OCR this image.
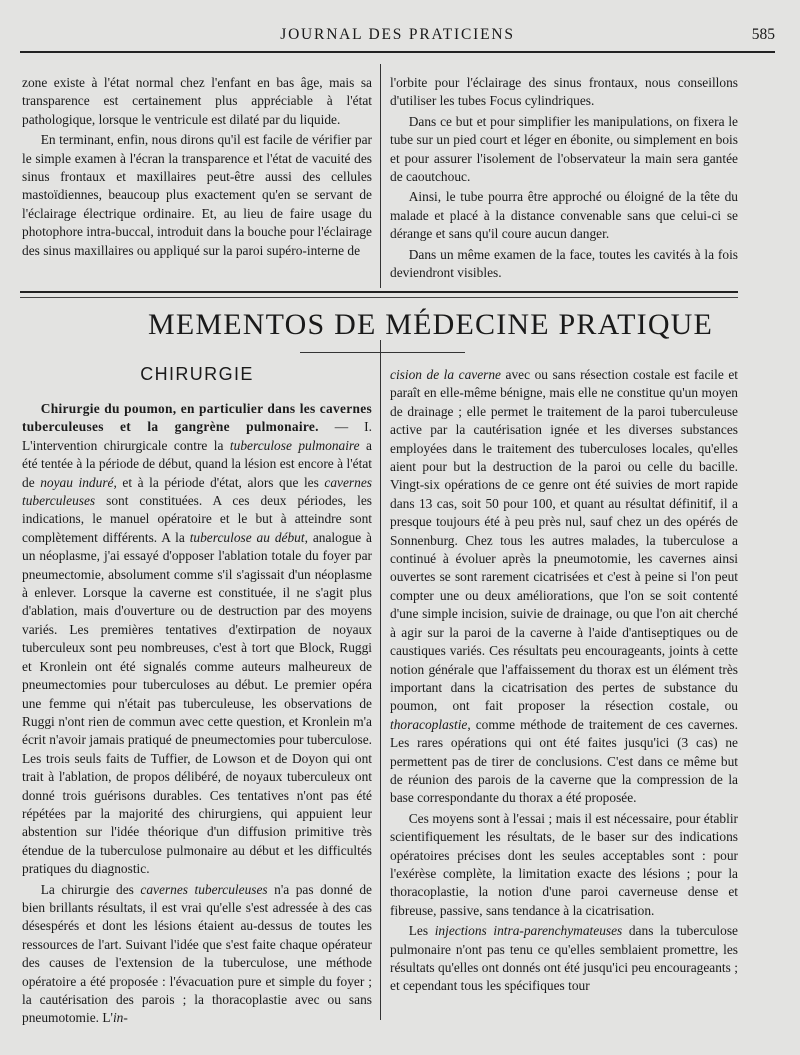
JOURNAL DES PRATICIENS	585

zone existe à l'état normal chez l'enfant en bas âge, mais sa transparence est certainement plus appréciable à l'état pathologique, lorsque le ventricule est dilaté par du liquide.

En terminant, enfin, nous dirons qu'il est facile de vérifier par le simple examen à l'écran la transparence et l'état de vacuité des sinus frontaux et maxillaires peut-être aussi des cellules mastoïdiennes, beaucoup plus exactement qu'en se servant de l'éclairage électrique ordinaire. Et, au lieu de faire usage du photophore intra-buccal, introduit dans la bouche pour l'éclairage des sinus maxillaires ou appliqué sur la paroi supéro-interne de

l'orbite pour l'éclairage des sinus frontaux, nous conseillons d'utiliser les tubes Focus cylindriques.

Dans ce but et pour simplifier les manipulations, on fixera le tube sur un pied court et léger en ébonite, ou simplement en bois et pour assurer l'isolement de l'observateur la main sera gantée de caoutchouc.

Ainsi, le tube pourra être approché ou éloigné de la tête du malade et placé à la distance convenable sans que celui-ci se dérange et sans qu'il coure aucun danger.

Dans un même examen de la face, toutes les cavités à la fois deviendront visibles.

MEMENTOS DE MÉDECINE PRATIQUE
CHIRURGIE

Chirurgie du poumon, en particulier dans les cavernes tuberculeuses et la gangrène pulmonaire. — I. L'intervention chirurgicale contre la tuberculose pulmonaire a été tentée à la période de début, quand la lésion est encore à l'état de noyau induré, et à la période d'état, alors que les cavernes tuberculeuses sont constituées. A ces deux périodes, les indications, le manuel opératoire et le but à atteindre sont complètement différents. A la tuberculose au début, analogue à un néoplasme, j'ai essayé d'opposer l'ablation totale du foyer par pneumectomie, absolument comme s'il s'agissait d'un néoplasme à enlever. Lorsque la caverne est constituée, il ne s'agit plus d'ablation, mais d'ouverture ou de destruction par des moyens variés. Les premières tentatives d'extirpation de noyaux tuberculeux sont peu nombreuses, c'est à tort que Block, Ruggi et Kronlein ont été signalés comme auteurs malheureux de pneumectomies pour tuberculoses au début. Le premier opéra une femme qui n'était pas tuberculeuse, les observations de Ruggi n'ont rien de commun avec cette question, et Kronlein m'a écrit n'avoir jamais pratiqué de pneumectomies pour tuberculose. Les trois seuls faits de Tuffier, de Lowson et de Doyon qui ont trait à l'ablation, de propos délibéré, de noyaux tuberculeux ont donné trois guérisons durables. Ces tentatives n'ont pas été répétées par la majorité des chirurgiens, qui appuient leur abstention sur l'idée théorique d'un diffusion primitive très étendue de la tuberculose pulmonaire au début et les difficultés pratiques du diagnostic.

La chirurgie des cavernes tuberculeuses n'a pas donné de bien brillants résultats, il est vrai qu'elle s'est adressée à des cas désespérés et dont les lésions étaient au-dessus de toutes les ressources de l'art. Suivant l'idée que s'est faite chaque opérateur des causes de l'extension de la tuberculose, une méthode opératoire a été proposée : l'évacuation pure et simple du foyer ; la cautérisation des parois ; la thoracoplastie avec ou sans pneumotomie. L'in-

cision de la caverne avec ou sans résection costale est facile et paraît en elle-même bénigne, mais elle ne constitue qu'un moyen de drainage ; elle permet le traitement de la paroi tuberculeuse active par la cautérisation ignée et les diverses substances employées dans le traitement des tuberculoses locales, qu'elles aient pour but la destruction de la paroi ou celle du bacille. Vingt-six opérations de ce genre ont été suivies de mort rapide dans 13 cas, soit 50 pour 100, et quant au résultat définitif, il a presque toujours été à peu près nul, sauf chez un des opérés de Sonnenburg. Chez tous les autres malades, la tuberculose a continué à évoluer après la pneumotomie, les cavernes ainsi ouvertes se sont rarement cicatrisées et c'est à peine si l'on peut compter une ou deux améliorations, que l'on se soit contenté d'une simple incision, suivie de drainage, ou que l'on ait cherché à agir sur la paroi de la caverne à l'aide d'antiseptiques ou de caustiques variés. Ces résultats peu encourageants, joints à cette notion générale que l'affaissement du thorax est un élément très important dans la cicatrisation des pertes de substance du poumon, ont fait proposer la résection costale, ou thoracoplastie, comme méthode de traitement de ces cavernes. Les rares opérations qui ont été faites jusqu'ici (3 cas) ne permettent pas de tirer de conclusions. C'est dans ce même but de réunion des parois de la caverne que la compression de la base correspondante du thorax a été proposée.

Ces moyens sont à l'essai ; mais il est nécessaire, pour établir scientifiquement les résultats, de le baser sur des indications opératoires précises dont les seules acceptables sont : pour l'exérèse complète, la limitation exacte des lésions ; pour la thoracoplastie, la notion d'une paroi caverneuse dense et fibreuse, passive, sans tendance à la cicatrisation.

Les injections intra-parenchymateuses dans la tuberculose pulmonaire n'ont pas tenu ce qu'elles semblaient promettre, les résultats qu'elles ont donnés ont été jusqu'ici peu encourageants ; et cependant tous les spécifiques tour
